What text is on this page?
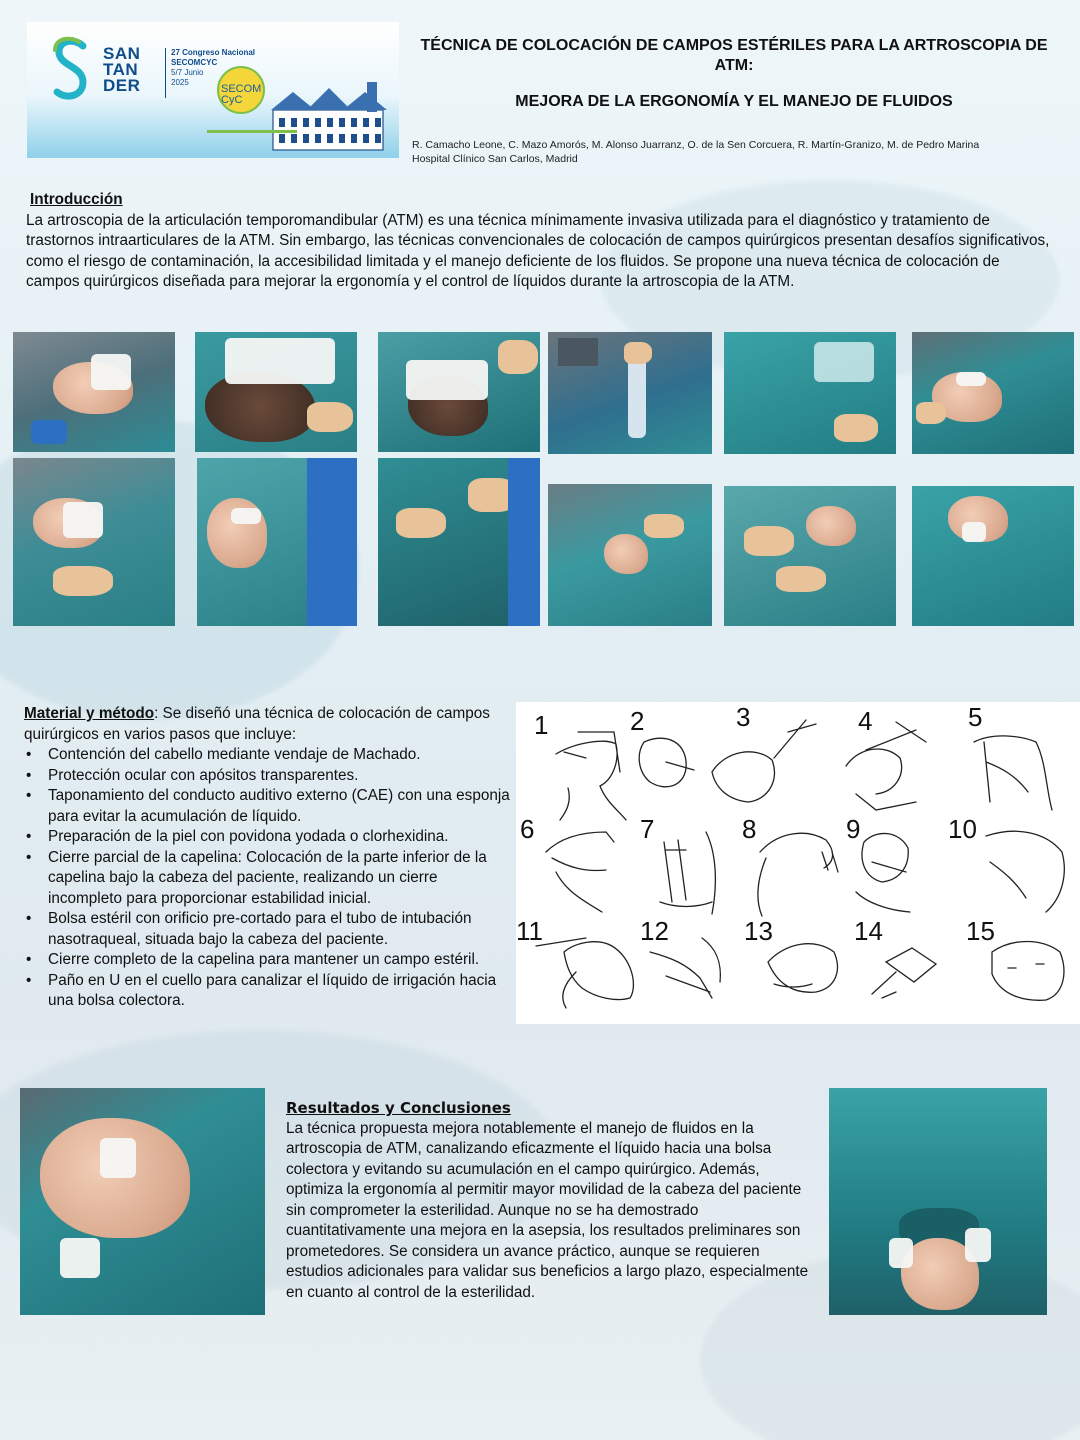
SAN
TAN
DER
27 Congreso Nacional
SECOMCYC
5/7 Junio
2025
SECOM
CyC
TÉCNICA DE COLOCACIÓN DE CAMPOS ESTÉRILES PARA LA ARTROSCOPIA DE ATM:
MEJORA DE LA ERGONOMÍA Y EL MANEJO DE FLUIDOS
R. Camacho Leone, C. Mazo Amorós, M. Alonso Juarranz, O. de la Sen Corcuera, R. Martín-Granizo, M. de Pedro Marina
Hospital Clínico San Carlos, Madrid
Introducción
La artroscopia de la articulación temporomandibular (ATM) es una técnica mínimamente invasiva utilizada para el diagnóstico y tratamiento de trastornos intraarticulares de la ATM. Sin embargo, las técnicas convencionales de colocación de campos quirúrgicos presentan desafíos significativos, como el riesgo de contaminación, la accesibilidad limitada y el manejo deficiente de los fluidos. Se propone una nueva técnica de colocación de campos quirúrgicos diseñada para mejorar la ergonomía y el control de líquidos durante la artroscopia de la ATM.
Material y método: Se diseñó una técnica de colocación de campos quirúrgicos en varios pasos que incluye:
• Contención del cabello mediante vendaje de Machado.
• Protección ocular con apósitos transparentes.
• Taponamiento del conducto auditivo externo (CAE) con una esponja para evitar la acumulación de líquido.
• Preparación de la piel con povidona yodada o clorhexidina.
• Cierre parcial de la capelina: Colocación de la parte inferior de la capelina bajo la cabeza del paciente, realizando un cierre incompleto para proporcionar estabilidad inicial.
• Bolsa estéril con orificio pre-cortado para el tubo de intubación nasotraqueal, situada bajo la cabeza del paciente.
• Cierre completo de la capelina para mantener un campo estéril.
• Paño en U en el cuello para canalizar el líquido de irrigación hacia una bolsa colectora.
1	2	3	4	5
6	7	8	9	10
11	12	13	14	15
Resultados y Conclusiones
La técnica propuesta mejora notablemente el manejo de fluidos en la artroscopia de ATM, canalizando eficazmente el líquido hacia una bolsa colectora y evitando su acumulación en el campo quirúrgico. Además, optimiza la ergonomía al permitir mayor movilidad de la cabeza del paciente sin comprometer la esterilidad. Aunque no se ha demostrado cuantitativamente una mejora en la asepsia, los resultados preliminares son prometedores. Se considera un avance práctico, aunque se requieren estudios adicionales para validar sus beneficios a largo plazo, especialmente en cuanto al control de la esterilidad.
